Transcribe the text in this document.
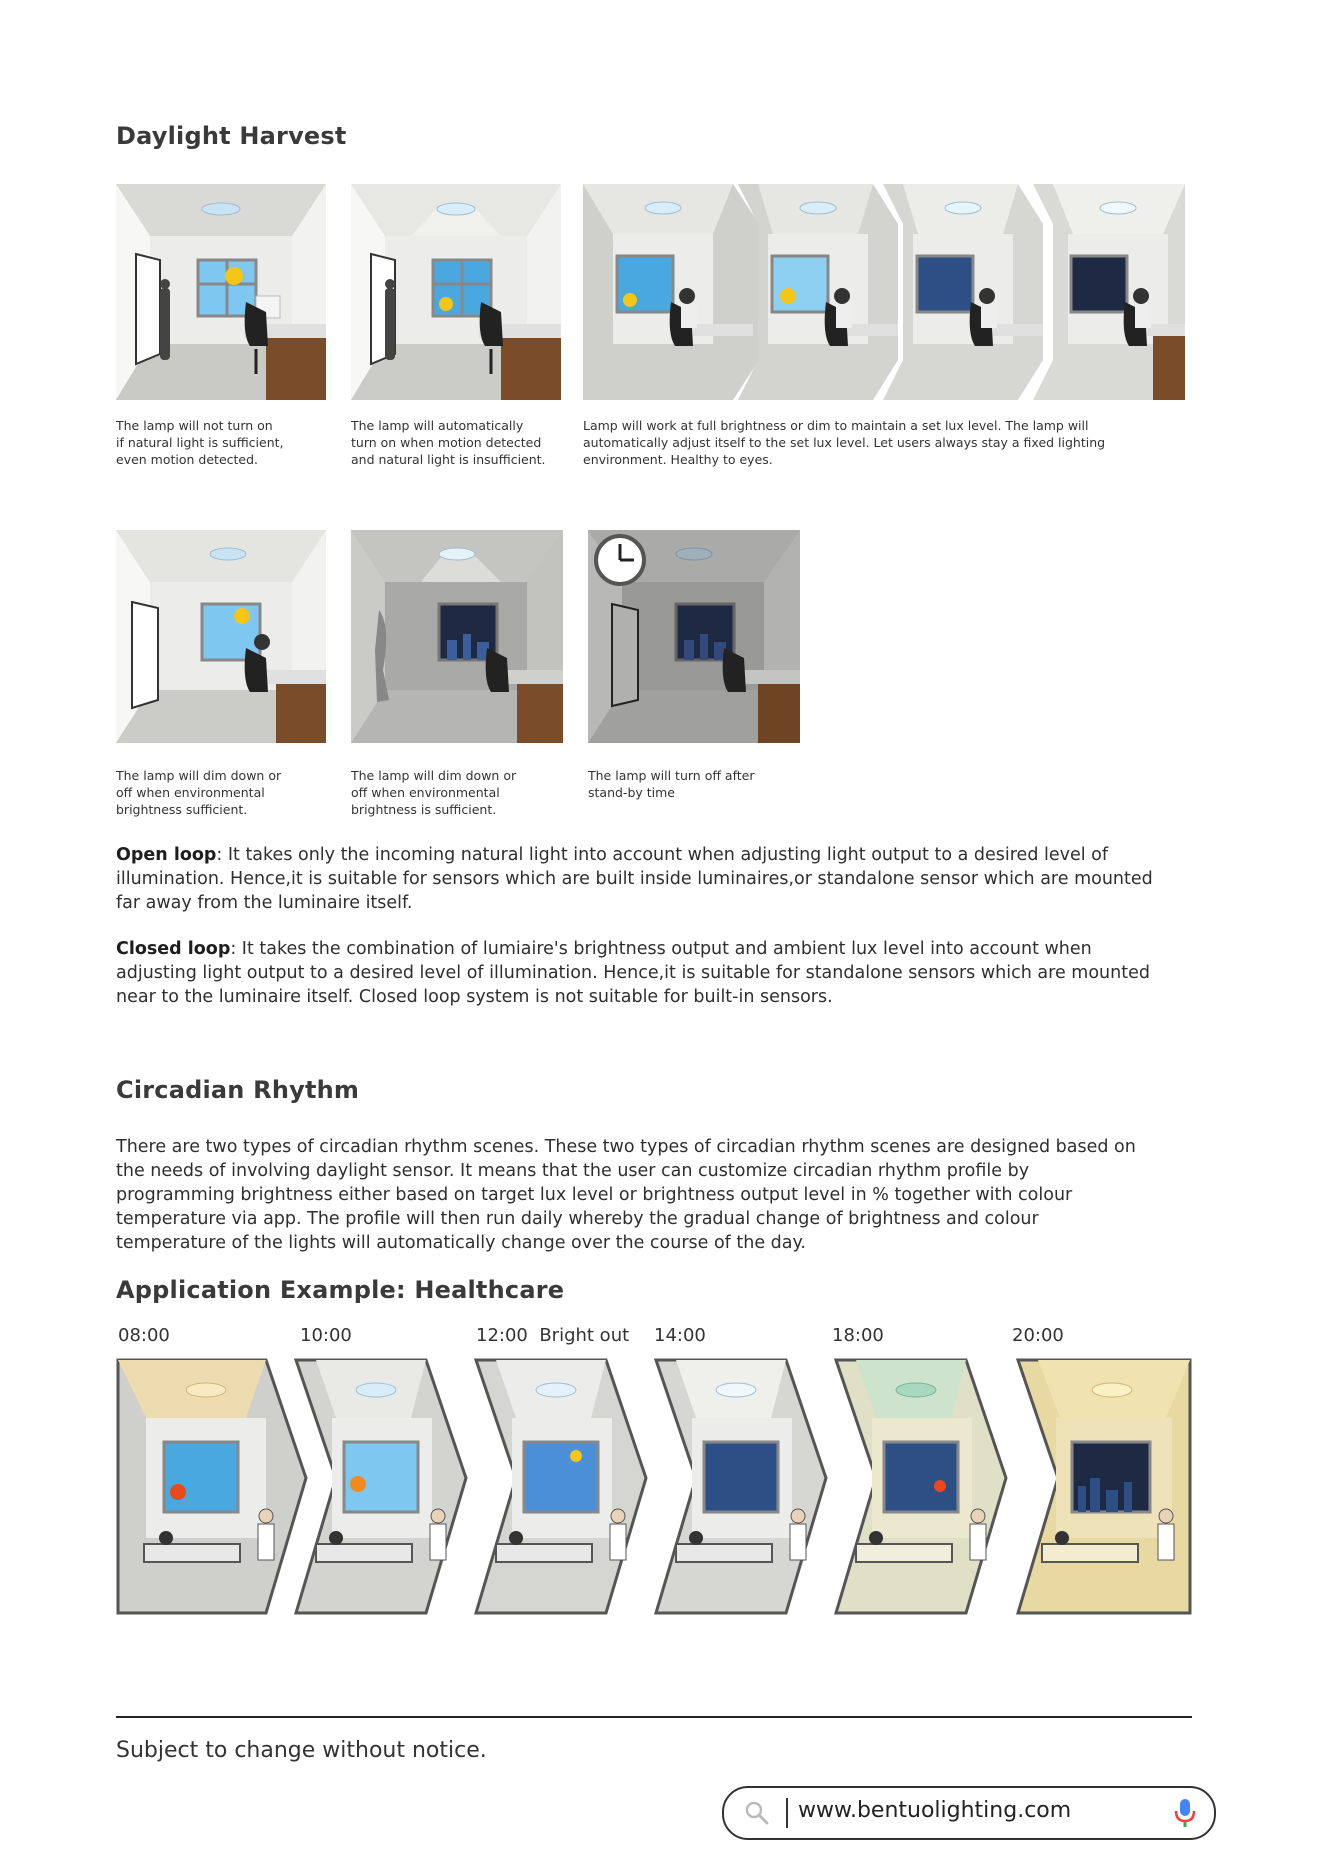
Daylight Harvest
The lamp will not turn on
if natural light is sufficient,
even motion detected.
The lamp will automatically
turn on when motion detected
and natural light is insufficient.
Lamp will work at full brightness or dim to maintain a set lux level. The lamp will
automatically adjust itself to the set lux level. Let users always stay a fixed lighting
environment. Healthy to eyes.
The lamp will dim down or
off when environmental
brightness sufficient.
The lamp will dim down or
off when environmental
brightness is sufficient.
The lamp will turn off after
stand-by time
Open loop: It takes only the incoming natural light into account when adjusting light output to a desired level of illumination. Hence,it is suitable for sensors which are built inside luminaires,or standalone sensor which are mounted far away from the luminaire itself.
Closed loop: It takes the combination of lumiaire's brightness output and ambient lux level into account when adjusting light output to a desired level of illumination. Hence,it is suitable for standalone sensors which are mounted near to the luminaire itself. Closed loop system is not suitable for built-in sensors.
Circadian Rhythm
There are two types of circadian rhythm scenes. These two types of circadian rhythm scenes are designed based on the needs of involving daylight sensor. It means that the user can customize circadian rhythm profile by programming brightness either based on target lux level or brightness output level in % together with colour temperature via app. The profile will then run daily whereby the gradual change of brightness and colour temperature of the lights will automatically change over the course of the day.
Application Example: Healthcare
08:00	10:00	12:00  Bright out 14:00	18:00	20:00
Subject to change without notice.
www.bentuolighting.com
